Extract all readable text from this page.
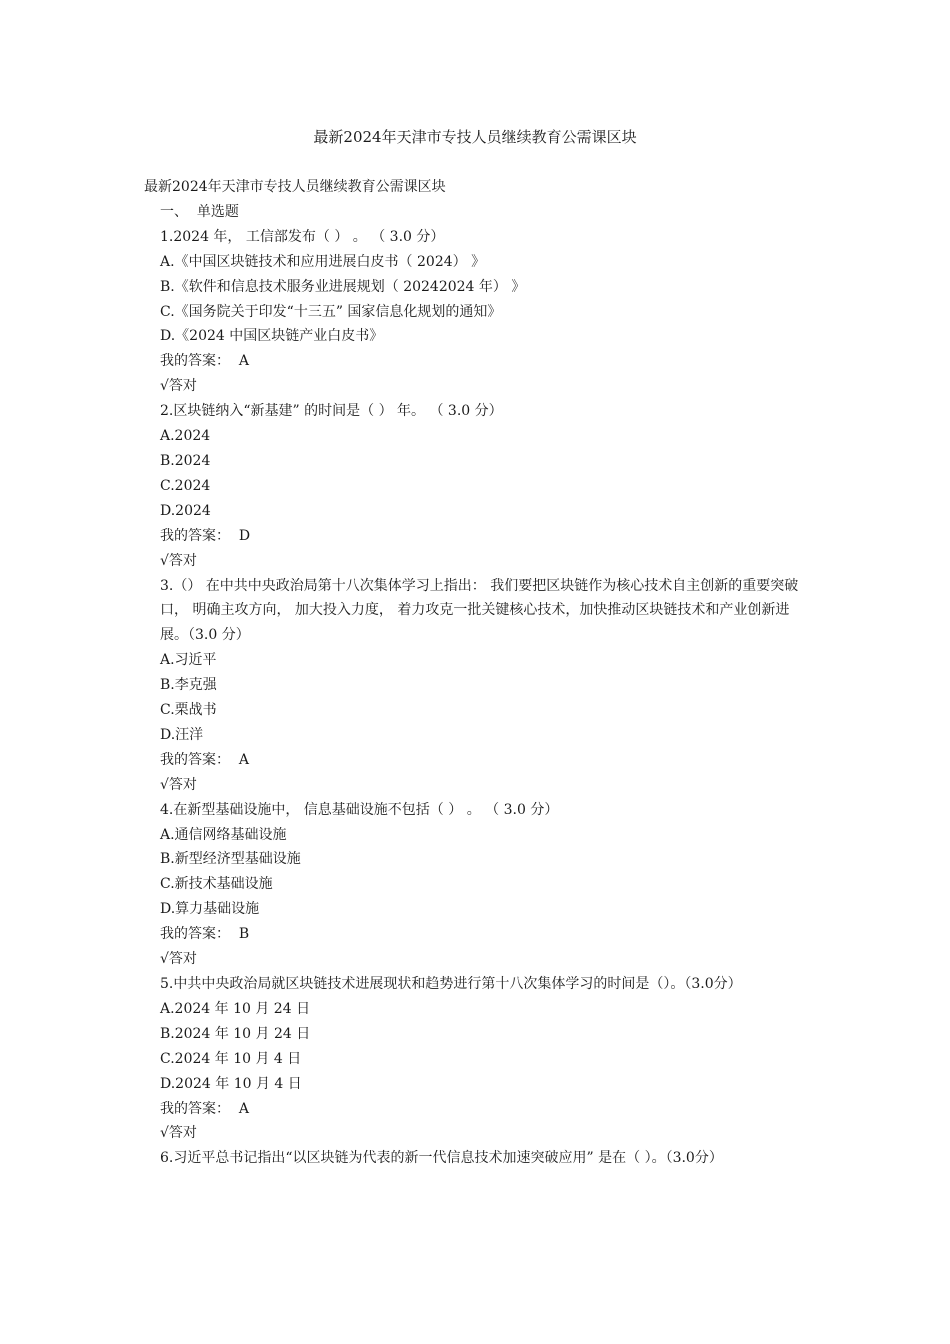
最新2024年天津市专技人员继续教育公需课区块
最新2024年天津市专技人员继续教育公需课区块
一、  单选题
1.2024 年， 工信部发布（ ） 。 （ 3.0 分）
A.《中国区块链技术和应用进展白皮书（ 2024） 》
B.《软件和信息技术服务业进展规划（ 20242024 年） 》
C.《国务院关于印发“十三五” 国家信息化规划的通知》
D.《2024 中国区块链产业白皮书》
我的答案：  A
√答对
2.区块链纳入“新基建” 的时间是（ ） 年。 （ 3.0 分）
A.2024
B.2024
C.2024
D.2024
我的答案：  D
√答对
3.（） 在中共中央政治局第十八次集体学习上指出： 我们要把区块链作为核心技术自主创新的重要突破口， 明确主攻方向， 加大投入力度， 着力攻克一批关键核心技术，加快推动区块链技术和产业创新进展。（3.0 分）
A.习近平
B.李克强
C.栗战书
D.汪洋
我的答案：  A
√答对
4.在新型基础设施中， 信息基础设施不包括（ ） 。 （ 3.0 分）
A.通信网络基础设施
B.新型经济型基础设施
C.新技术基础设施
D.算力基础设施
我的答案：  B
√答对
5.中共中央政治局就区块链技术进展现状和趋势进行第十八次集体学习的时间是（）。（3.0分）
A.2024 年 10 月 24 日
B.2024 年 10 月 24 日
C.2024 年 10 月 4 日
D.2024 年 10 月 4 日
我的答案：  A
√答对
6.习近平总书记指出“以区块链为代表的新一代信息技术加速突破应用” 是在（ ）。（3.0分）
